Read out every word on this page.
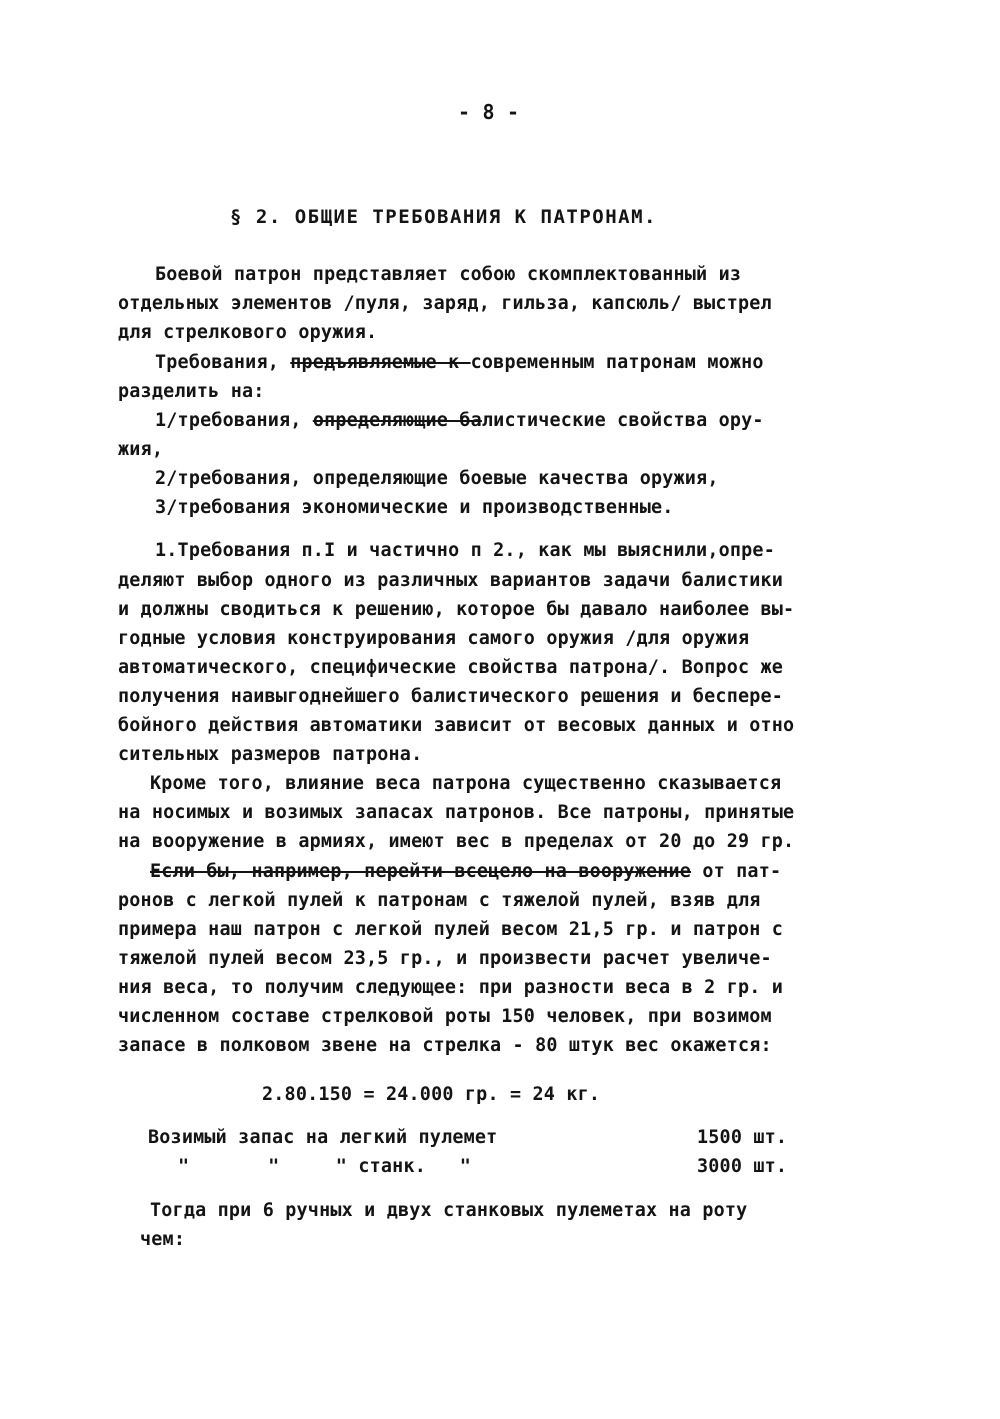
- 8 -
§ 2. ОБЩИЕ ТРЕБОВАНИЯ К ПАТРОНАМ.
Боевой патрон представляет собою скомплектованный из
отдельных элементов /пуля, заряд, гильза, капсюль/ выстрел
для стрелкового оружия.
Требования, предъявляемые к современным патронам можно
разделить на:
1/требования, определяющие балистические свойства ору-
жия,
2/требования, определяющие боевые качества оружия,
3/требования экономические и производственные.
1.Требования п.I и частично п 2., как мы выяснили,опре-
деляют выбор одного из различных вариантов задачи балистики
и должны сводиться к решению, которое бы давало наиболее вы-
годные условия конструирования самого оружия /для оружия
автоматического, специфические свойства патрона/. Вопрос же
получения наивыгоднейшего балистического решения и беспере-
бойного действия автоматики зависит от весовых данных и отно
сительных размеров патрона.
Кроме того, влияние веса патрона существенно сказывается
на носимых и возимых запасах патронов. Все патроны, принятые
на вооружение в армиях, имеют вес в пределах от 20 до 29 гр.
Если бы, например, перейти всецело на вооружение от пат-
ронов с легкой пулей к патронам с тяжелой пулей, взяв для
примера наш патрон с легкой пулей весом 21,5 гр. и патрон с
тяжелой пулей весом 23,5 гр., и произвести расчет увеличе-
ния веса, то получим следующее: при разности веса в 2 гр. и
численном составе стрелковой роты 150 человек, при возимом
запасе в полковом звене на стрелка - 80 штук вес окажется:
2.80.150 = 24.000 гр. = 24 кг.
Возимый запас на легкий пулемет	1500 шт.
"       "     " станк.   "	3000 шт.
Тогда при 6 ручных и двух станковых пулеметах на роту
чем:
